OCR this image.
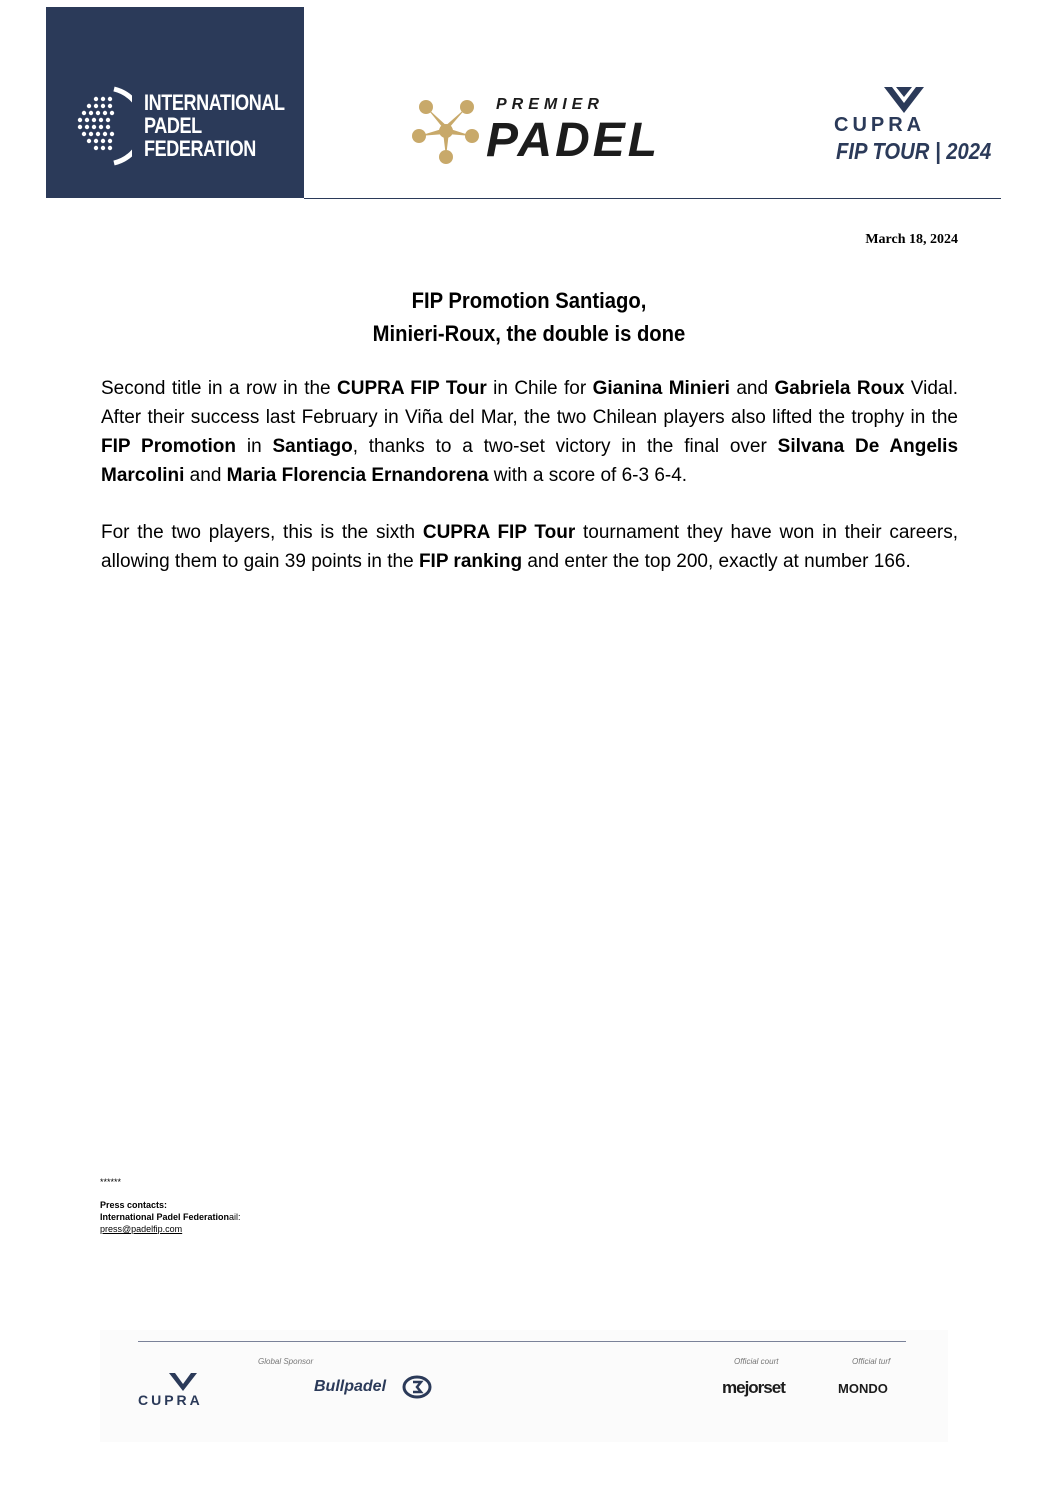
INTERNATIONAL
PADEL
FEDERATION
PREMIER
PADEL	CUPRA
FIP TOUR | 2024
March 18, 2024
FIP Promotion Santiago,
Minieri-Roux, the double is done

Second title in a row in the CUPRA FIP Tour in Chile for Gianina Minieri and Gabriela Roux Vidal. After their success last February in Viña del Mar, the two Chilean players also lifted the trophy in the FIP Promotion in Santiago, thanks to a two-set victory in the final over Silvana De Angelis Marcolini and Maria Florencia Ernandorena with a score of 6-3 6-4.

For the two players, this is the sixth CUPRA FIP Tour tournament they have won in their careers, allowing them to gain 39 points in the FIP ranking and enter the top 200, exactly at number 166.

******
Press contacts:
International Padel Federationail:
press@padelfip.com
Global Sponsor	Official court	Official turf
CUPRA
Bullpadel	mejorset	MONDO
